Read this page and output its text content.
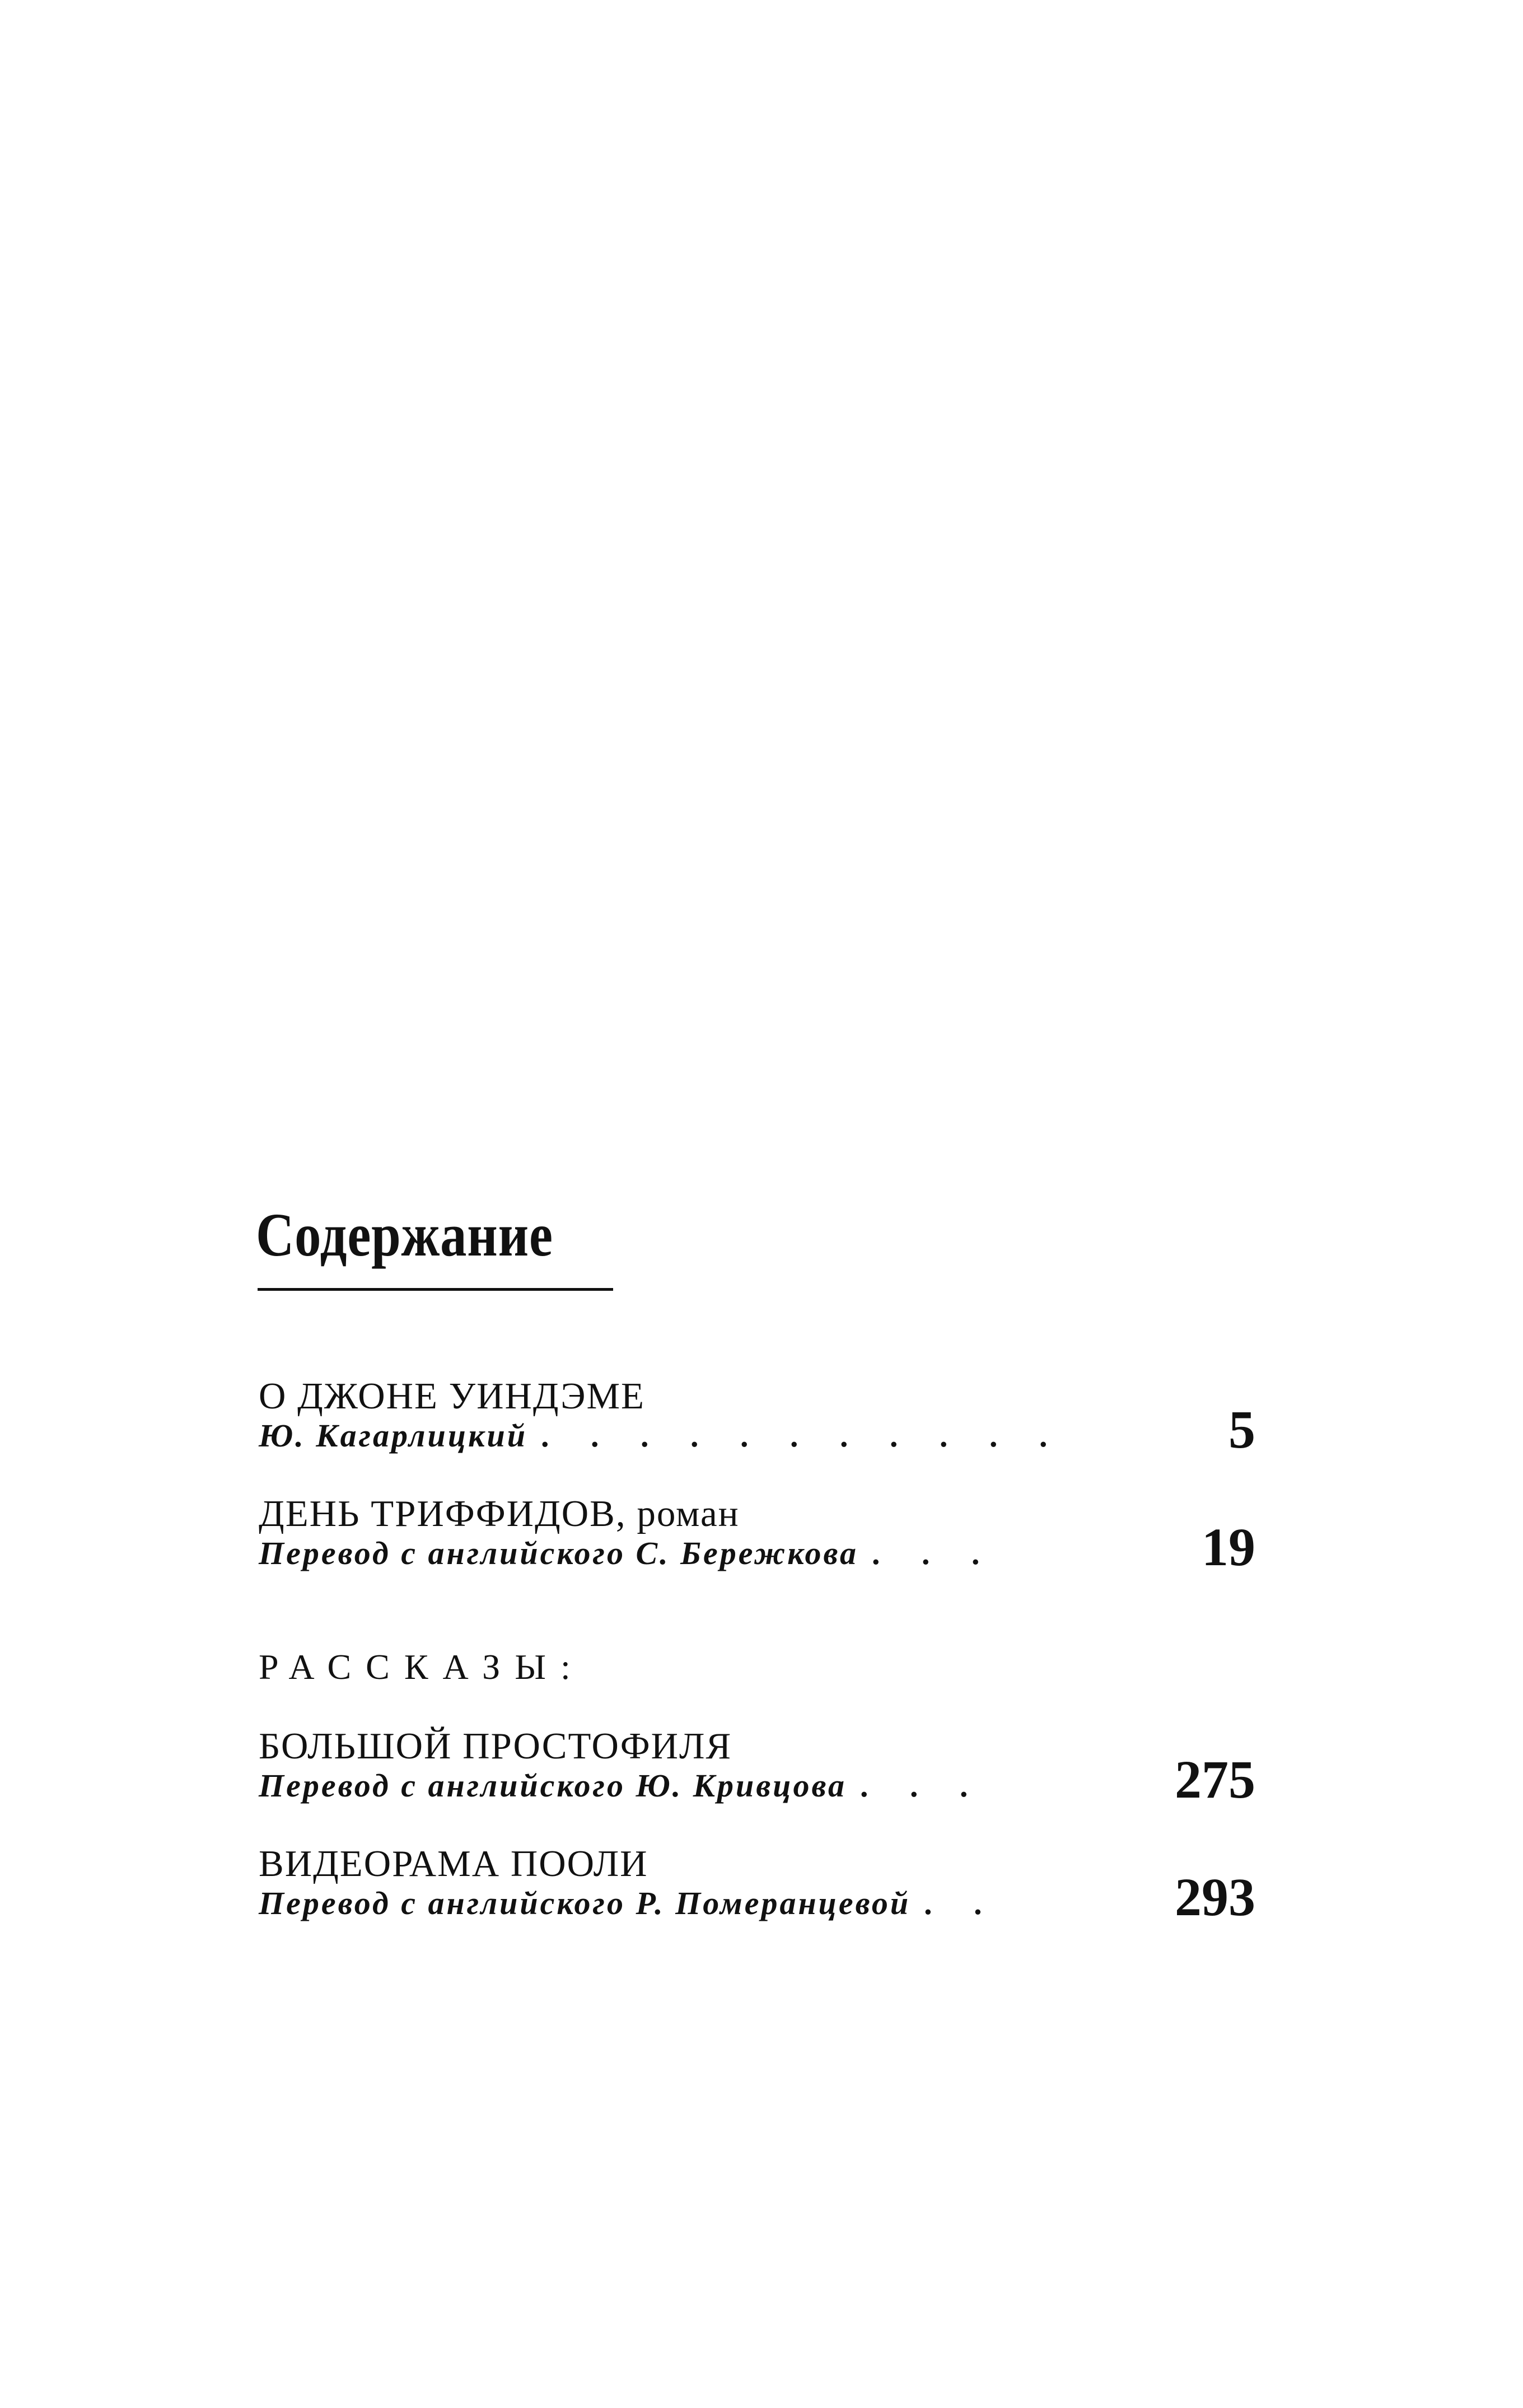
Содержание
О ДЖОНЕ УИНДЭМЕ
Ю. Кагарлицкий . . . . . . . . . . .	5
ДЕНЬ ТРИФФИДОВ, роман
Перевод с английского С. Бережкова . . .	19
РАССКАЗЫ:
БОЛЬШОЙ ПРОСТОФИЛЯ
Перевод с английского Ю. Кривцова . . .	275
ВИДЕОРАМА ПООЛИ
Перевод с английского Р. Померанцевой . .	293
